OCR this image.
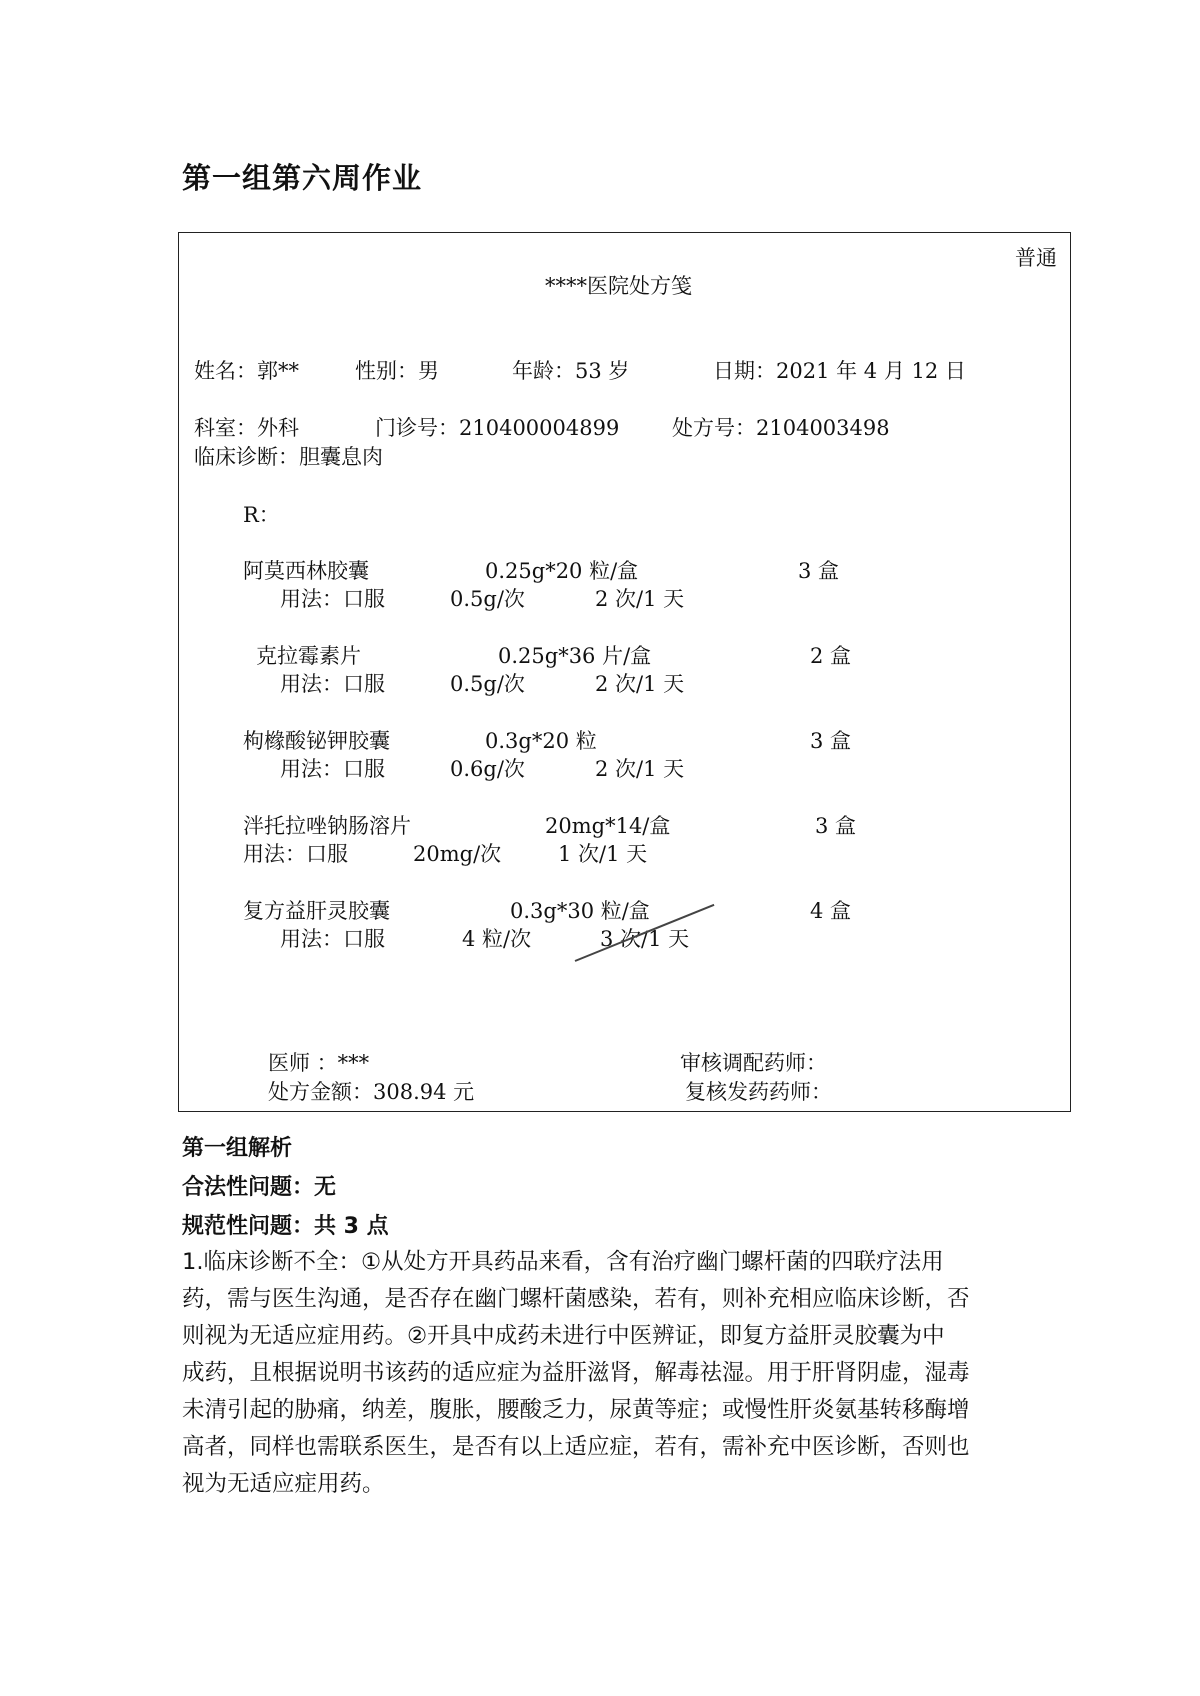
第一组第六周作业
普通
****医院处方笺
姓名：郭**	性别：男	年龄：53 岁	日期：2021 年 4 月 12 日
科室：外科	门诊号：210400004899	处方号：2104003498
临床诊断：胆囊息肉
R：
阿莫西林胶囊	0.25g*20 粒/盒	3 盒
用法：口服	0.5g/次	2 次/1 天
克拉霉素片	0.25g*36 片/盒	2 盒
用法：口服	0.5g/次	2 次/1 天
枸橼酸铋钾胶囊	0.3g*20 粒	3 盒
用法：口服	0.6g/次	2 次/1 天
泮托拉唑钠肠溶片	20mg*14/盒	3 盒
用法：口服	20mg/次	1 次/1 天
复方益肝灵胶囊	0.3g*30 粒/盒	4 盒
用法：口服	4 粒/次	3 次/1 天
医师 ：***	审核调配药师：
处方金额：308.94 元	复核发药药师：
第一组解析
合法性问题：无
规范性问题：共 3 点
1.临床诊断不全：①从处方开具药品来看，含有治疗幽门螺杆菌的四联疗法用
药，需与医生沟通，是否存在幽门螺杆菌感染，若有，则补充相应临床诊断，否
则视为无适应症用药。②开具中成药未进行中医辨证，即复方益肝灵胶囊为中
成药，且根据说明书该药的适应症为益肝滋肾，解毒祛湿。用于肝肾阴虚，湿毒
未清引起的胁痛，纳差，腹胀，腰酸乏力，尿黄等症；或慢性肝炎氨基转移酶增
高者，同样也需联系医生，是否有以上适应症，若有，需补充中医诊断，否则也
视为无适应症用药。
